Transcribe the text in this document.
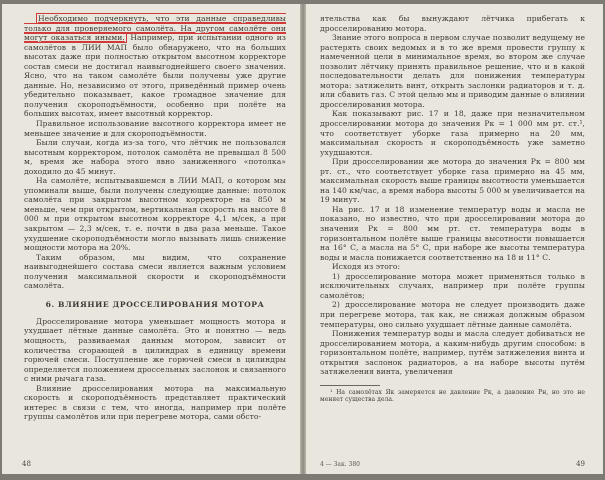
Необходимо подчеркнуть, что эти данные справедливы только для проверяемого самолёта. На другом самолёте они могут оказаться иными. Например, при испытании одного из самолётов в ЛИИ МАП было обнаружено, что на больших высотах даже при полностью открытом высотном корректоре состав смеси не достигал наивыгоднейшего своего значения. Ясно, что на таком самолёте были получены уже другие данные. Но, независимо от этого, приведённый пример очень убедительно показывает, какое громадное значение для получения скороподъёмности, особенно при полёте на больших высотах, имеет высотный корректор.

Правильное использование высотного корректора имеет не меньшее значение и для скороподъёмности.

Были случаи, когда из-за того, что лётчик не пользовался высотным корректором, потолок самолёта не превышал 8 500 м, время же набора этого явно заниженного «потолка» доходило до 45 минут.

На самолёте, испытывавшемся в ЛИИ МАП, о котором мы упоминали выше, были получены следующие данные: потолок самолёта при закрытом высотном корректоре на 850 м меньше, чем при открытом, вертикальная скорость на высоте 8 000 м при открытом высотном корректоре 4,1 м/сек, а при закрытом — 2,3 м/сек, т. е. почти в два раза меньше. Такое ухудшение скороподъёмности могло вызывать лишь снижение мощности мотора на 20%.

Таким образом, мы видим, что сохранение наивыгоднейшего состава смеси является важным условием получения максимальной скорости и скороподъёмности самолёта.

6. ВЛИЯНИЕ ДРОССЕЛИРОВАНИЯ МОТОРА

Дросселирование мотора уменьшает мощность мотора и ухудшает лётные данные самолёта. Это и понятно — ведь мощность, развиваемая данным мотором, зависит от количества сгорающей в цилиндрах в единицу времени горючей смеси. Поступление же горючей смеси в цилиндры определяется положением дроссельных заслонок и связанного с ними рычага газа.

Влияние дросселирования мотора на максимальную скорость и скороподъёмность представляет практический интерес в связи с тем, что иногда, например при полёте группы самолётов или при перегреве мотора, сами обсто-

48

ятельства как бы вынуждают лётчика прибегать к дросселированию мотора.

Знание этого вопроса в первом случае позволит ведущему не растерять своих ведомых и в то же время провести группу к намеченной цели в минимальное время, во втором же случае позволит лётчику принять правильное решение, что и в какой последовательности делать для понижения температуры мотора: затяжелить винт, открыть заслонки радиаторов и т. д. или сбавить газ. С этой целью мы и приводим данные о влиянии дросселирования мотора.

Как показывают рис. 17 и 18, даже при незначительном дросселировании мотора до значения Pк = 1 000 мм рт. ст.¹, что соответствует уборке газа примерно на 20 мм, максимальная скорость и скороподъёмность уже заметно ухудшаются.

При дросселировании же мотора до значения Pк = 800 мм рт. ст., что соответствует уборке газа примерно на 45 мм, максимальная скорость выше границы высотности уменьшается на 140 км/час, а время набора высоты 5 000 м увеличивается на 19 минут.

На рис. 17 и 18 изменение температур воды и масла не показано, но известно, что при дросселировании мотора до значения Pк = 800 мм рт. ст. температура воды в горизонтальном полёте выше границы высотности повышается на 16° С, а масла на 5° С, при наборе же высоты температура воды и масла понижается соответственно на 18 и 11° С.

Исходя из этого:

1) дросселирование мотора может применяться только в исключительных случаях, например при полёте группы самолётов;

2) дросселирование мотора не следует производить даже при перегреве мотора, так как, не снижая должным образом температуры, оно сильно ухудшает лётные данные самолёта.

Понижения температур воды и масла следует добиваться не дросселированием мотора, а каким-нибудь другим способом: в горизонтальном полёте, например, путём затяжеления винта и открытия заслонок радиаторов, а на наборе высоты путём затяжеления винта, увеличения

¹ На самолётах Як замеряется не давление Pк, а давление Pн, но это не меняет существа дела.

4 — Зак. 380	49
